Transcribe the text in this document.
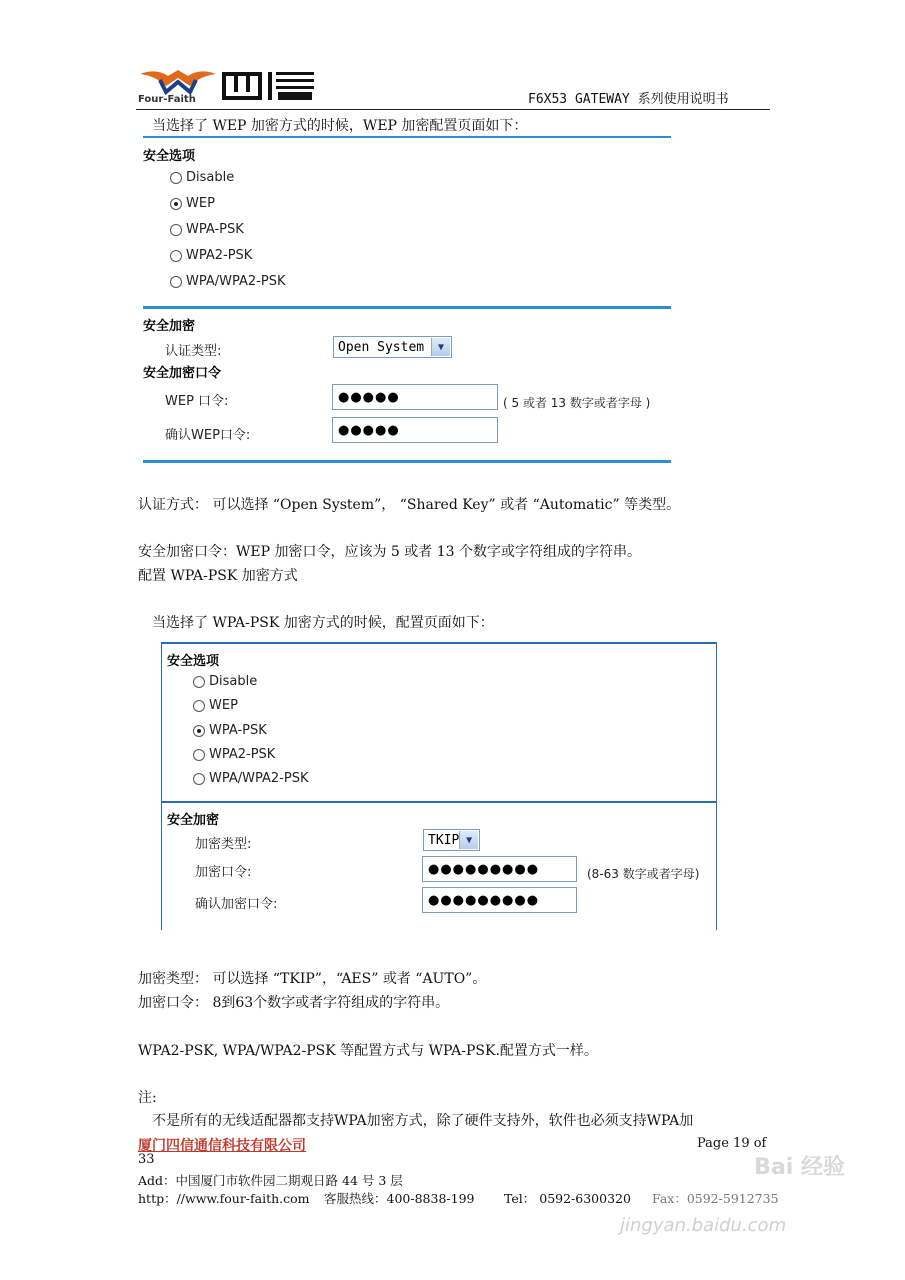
Four-Faith	F6X53 GATEWAY 系列使用说明书
当选择了 WEP 加密方式的时候，WEP 加密配置页面如下：
安全选项
Disable
WEP
WPA-PSK
WPA2-PSK
WPA/WPA2-PSK
安全加密
认证类型:	Open System	▼
安全加密口令
WEP 口令:	●●●●●	( 5 或者 13 数字或者字母 )
确认WEP口令:	●●●●●
认证方式： 可以选择 “Open System”， “Shared Key” 或者 “Automatic” 等类型。
安全加密口令：WEP 加密口令，应该为 5 或者 13 个数字或字符组成的字符串。
配置 WPA-PSK 加密方式
当选择了 WPA-PSK 加密方式的时候，配置页面如下：
安全选项
Disable
WEP
WPA-PSK
WPA2-PSK
WPA/WPA2-PSK
安全加密
加密类型:	TKIP ▼
加密口令:	●●●●●●●●●	(8-63 数字或者字母)
确认加密口令:	●●●●●●●●●
加密类型： 可以选择 “TKIP”，“AES” 或者 “AUTO”。
加密口令： 8到63个数字或者字符组成的字符串。
WPA2-PSK, WPA/WPA2-PSK 等配置方式与 WPA-PSK.配置方式一样。
注:
不是所有的无线适配器都支持WPA加密方式，除了硬件支持外，软件也必须支持WPA加
厦门四信通信科技有限公司	Page 19 of
33
Add：中国厦门市软件园二期观日路 44 号 3 层
http：//www.four-faith.com 客服热线：400-8838-199 Tel： 0592-6300320 Fax：0592-5912735
Bai 经验
jingyan.baidu.com
